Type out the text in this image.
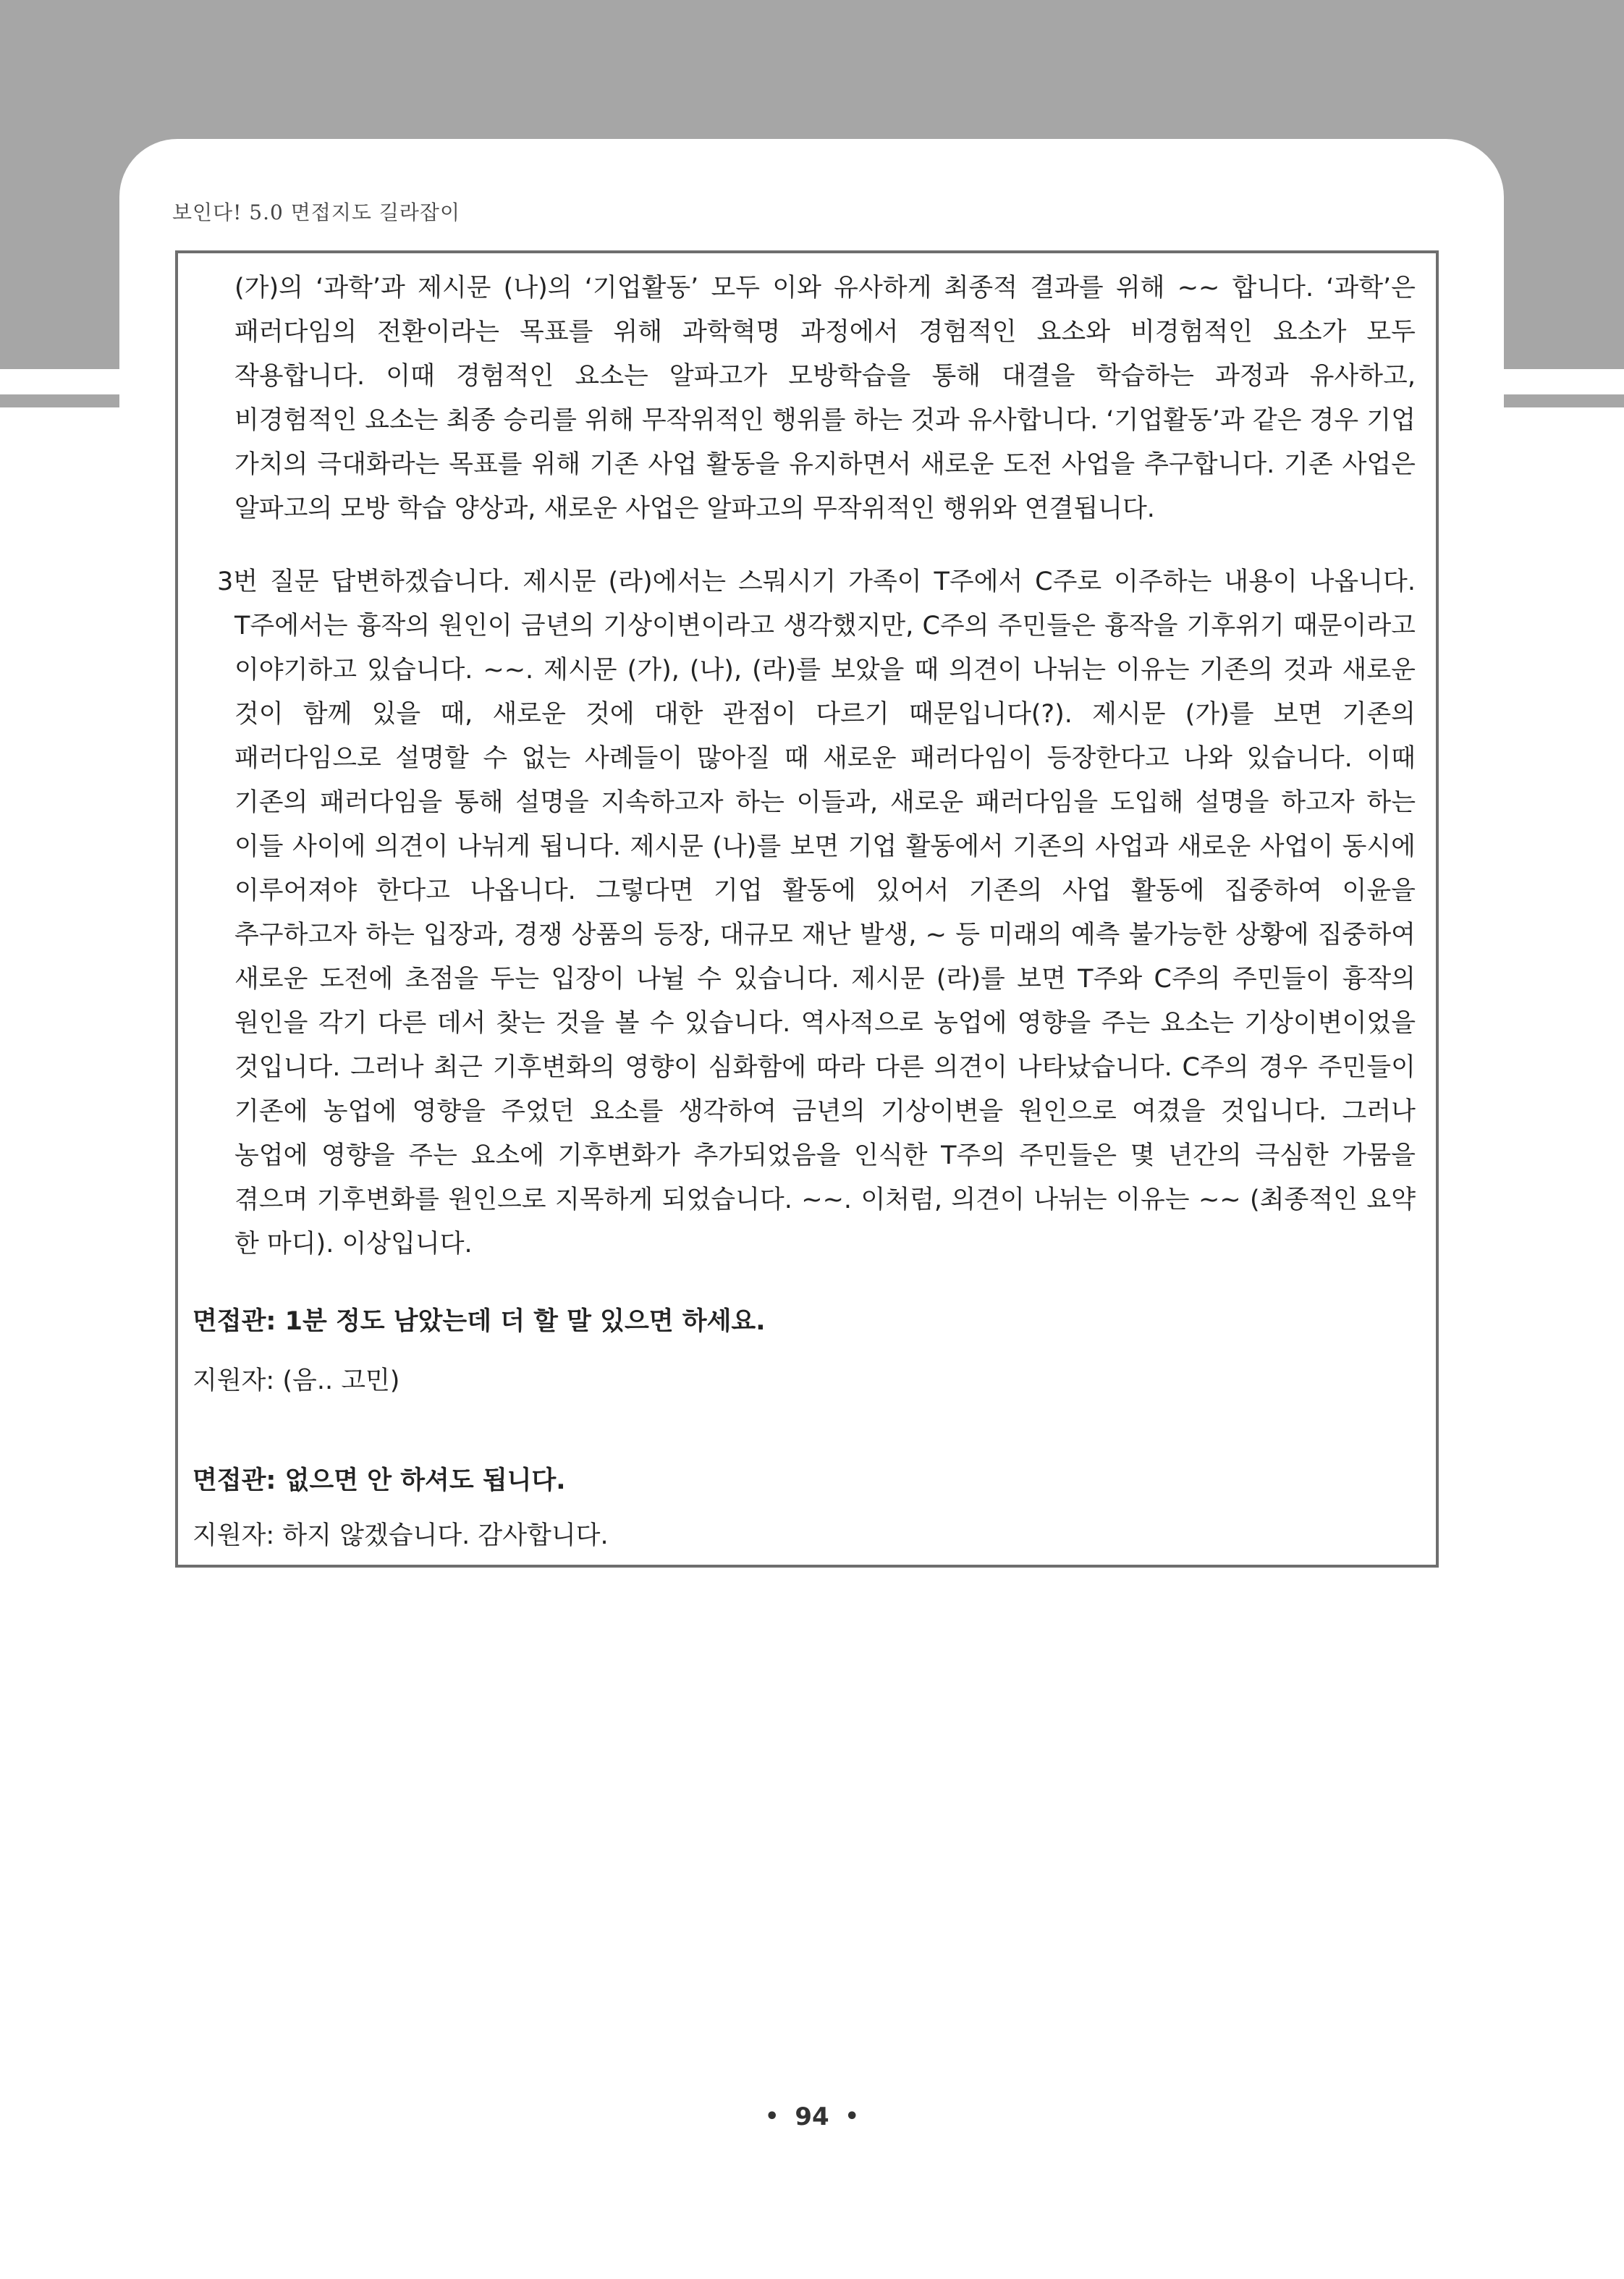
보인다! 5.0 면접지도 길라잡이

(가)의 ‘과학’과 제시문 (나)의 ‘기업활동’ 모두 이와 유사하게 최종적 결과를 위해 ~~ 합니다. ‘과학’은 패러다임의 전환이라는 목표를 위해 과학혁명 과정에서 경험적인 요소와 비경험적인 요소가 모두 작용합니다. 이때 경험적인 요소는 알파고가 모방학습을 통해 대결을 학습하는 과정과 유사하고, 비경험적인 요소는 최종 승리를 위해 무작위적인 행위를 하는 것과 유사합니다. ‘기업활동’과 같은 경우 기업 가치의 극대화라는 목표를 위해 기존 사업 활동을 유지하면서 새로운 도전 사업을 추구합니다. 기존 사업은 알파고의 모방 학습 양상과, 새로운 사업은 알파고의 무작위적인 행위와 연결됩니다.

3번 질문 답변하겠습니다. 제시문 (라)에서는 스뭐시기 가족이 T주에서 C주로 이주하는 내용이 나옵니다. T주에서는 흉작의 원인이 금년의 기상이변이라고 생각했지만, C주의 주민들은 흉작을 기후위기 때문이라고 이야기하고 있습니다. ~~. 제시문 (가), (나), (라)를 보았을 때 의견이 나뉘는 이유는 기존의 것과 새로운 것이 함께 있을 때, 새로운 것에 대한 관점이 다르기 때문입니다(?). 제시문 (가)를 보면 기존의 패러다임으로 설명할 수 없는 사례들이 많아질 때 새로운 패러다임이 등장한다고 나와 있습니다. 이때 기존의 패러다임을 통해 설명을 지속하고자 하는 이들과, 새로운 패러다임을 도입해 설명을 하고자 하는 이들 사이에 의견이 나뉘게 됩니다. 제시문 (나)를 보면 기업 활동에서 기존의 사업과 새로운 사업이 동시에 이루어져야 한다고 나옵니다. 그렇다면 기업 활동에 있어서 기존의 사업 활동에 집중하여 이윤을 추구하고자 하는 입장과, 경쟁 상품의 등장, 대규모 재난 발생, ~ 등 미래의 예측 불가능한 상황에 집중하여 새로운 도전에 초점을 두는 입장이 나뉠 수 있습니다. 제시문 (라)를 보면 T주와 C주의 주민들이 흉작의 원인을 각기 다른 데서 찾는 것을 볼 수 있습니다. 역사적으로 농업에 영향을 주는 요소는 기상이변이었을 것입니다. 그러나 최근 기후변화의 영향이 심화함에 따라 다른 의견이 나타났습니다. C주의 경우 주민들이 기존에 농업에 영향을 주었던 요소를 생각하여 금년의 기상이변을 원인으로 여겼을 것입니다. 그러나 농업에 영향을 주는 요소에 기후변화가 추가되었음을 인식한 T주의 주민들은 몇 년간의 극심한 가뭄을 겪으며 기후변화를 원인으로 지목하게 되었습니다. ~~. 이처럼, 의견이 나뉘는 이유는 ~~ (최종적인 요약 한 마디). 이상입니다.

면접관: 1분 정도 남았는데 더 할 말 있으면 하세요.

지원자: (음.. 고민)

면접관: 없으면 안 하셔도 됩니다.

지원자: 하지 않겠습니다. 감사합니다.

• 94 •
